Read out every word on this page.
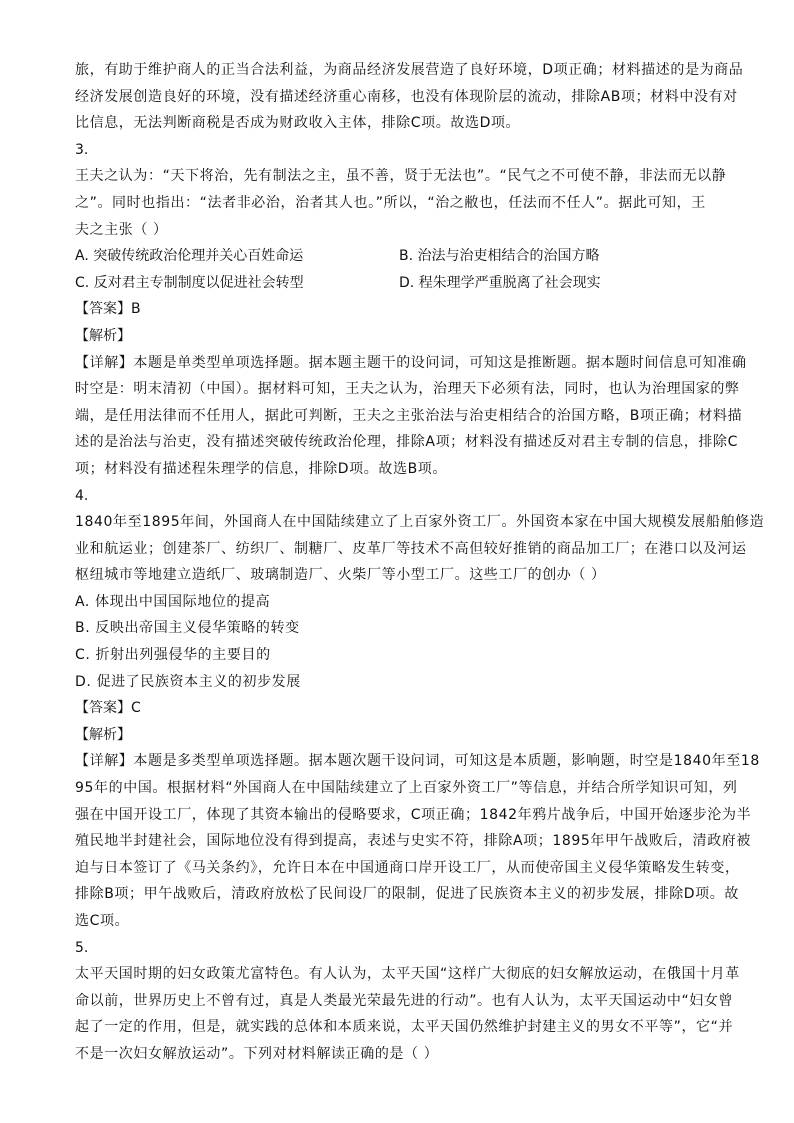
旅，有助于维护商人的正当合法利益，为商品经济发展营造了良好环境，D项正确；材料描述的是为商品
经济发展创造良好的环境，没有描述经济重心南移，也没有体现阶层的流动，排除AB项；材料中没有对
比信息，无法判断商税是否成为财政收入主体，排除C项。故选D项。
3.
王夫之认为：“天下将治，先有制法之主，虽不善，贤于无法也”。“民气之不可使不静，非法而无以静
之”。同时也指出：“法者非必治，治者其人也。”所以，“治之敝也，任法而不任人”。据此可知，王
夫之主张（ ）
A. 突破传统政治伦理并关心百姓命运	B. 治法与治吏相结合的治国方略
C. 反对君主专制制度以促进社会转型	D. 程朱理学严重脱离了社会现实
【答案】B
【解析】
【详解】本题是单类型单项选择题。据本题主题干的设问词，可知这是推断题。据本题时间信息可知准确
时空是：明末清初（中国）。据材料可知，王夫之认为，治理天下必须有法，同时，也认为治理国家的弊
端，是任用法律而不任用人，据此可判断，王夫之主张治法与治吏相结合的治国方略，B项正确；材料描
述的是治法与治吏，没有描述突破传统政治伦理，排除A项；材料没有描述反对君主专制的信息，排除C
项；材料没有描述程朱理学的信息，排除D项。故选B项。
4.
1840年至1895年间，外国商人在中国陆续建立了上百家外资工厂。外国资本家在中国大规模发展船舶修造
业和航运业；创建茶厂、纺织厂、制糖厂、皮革厂等技术不高但较好推销的商品加工厂；在港口以及河运
枢纽城市等地建立造纸厂、玻璃制造厂、火柴厂等小型工厂。这些工厂的创办（ ）
A. 体现出中国国际地位的提高
B. 反映出帝国主义侵华策略的转变
C. 折射出列强侵华的主要目的
D. 促进了民族资本主义的初步发展
【答案】C
【解析】
【详解】本题是多类型单项选择题。据本题次题干设问词，可知这是本质题，影响题，时空是1840年至18
95年的中国。根据材料“外国商人在中国陆续建立了上百家外资工厂”等信息，并结合所学知识可知，列
强在中国开设工厂，体现了其资本输出的侵略要求，C项正确；1842年鸦片战争后，中国开始逐步沦为半
殖民地半封建社会，国际地位没有得到提高，表述与史实不符，排除A项；1895年甲午战败后，清政府被
迫与日本签订了《马关条约》，允许日本在中国通商口岸开设工厂，从而使帝国主义侵华策略发生转变，
排除B项；甲午战败后，清政府放松了民间设厂的限制，促进了民族资本主义的初步发展，排除D项。故
选C项。
5.
太平天国时期的妇女政策尤富特色。有人认为，太平天国“这样广大彻底的妇女解放运动，在俄国十月革
命以前，世界历史上不曾有过，真是人类最光荣最先进的行动”。也有人认为，太平天国运动中“妇女曾
起了一定的作用，但是，就实践的总体和本质来说，太平天国仍然维护封建主义的男女不平等”，它“并
不是一次妇女解放运动”。下列对材料解读正确的是（ ）
